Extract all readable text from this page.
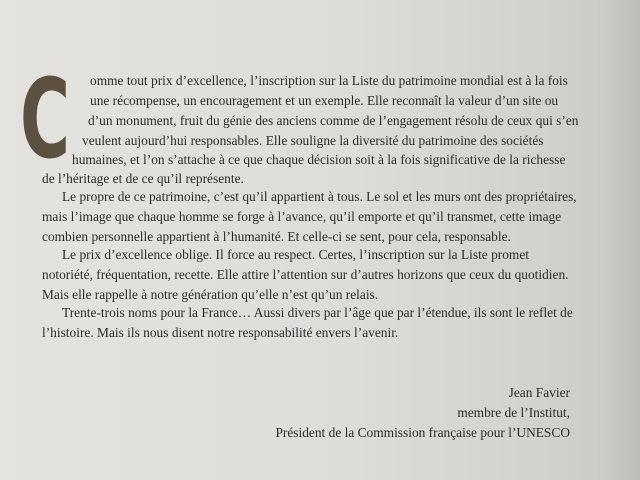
C omme tout prix d’excellence, l’inscription sur la Liste du patrimoine mondial est à la fois
une récompense, un encouragement et un exemple. Elle reconnaît la valeur d’un site ou
d’un monument, fruit du génie des anciens comme de l’engagement résolu de ceux qui s’en
veulent aujourd’hui responsables. Elle souligne la diversité du patrimoine des sociétés
humaines, et l’on s’attache à ce que chaque décision soit à la fois significative de la richesse
de l’héritage et de ce qu’il représente.
Le propre de ce patrimoine, c’est qu’il appartient à tous. Le sol et les murs ont des propriétaires,
mais l’image que chaque homme se forge à l’avance, qu’il emporte et qu’il transmet, cette image
combien personnelle appartient à l’humanité. Et celle-ci se sent, pour cela, responsable.
Le prix d’excellence oblige. Il force au respect. Certes, l’inscription sur la Liste promet
notoriété, fréquentation, recette. Elle attire l’attention sur d’autres horizons que ceux du quotidien.
Mais elle rappelle à notre génération qu’elle n’est qu’un relais.
Trente-trois noms pour la France… Aussi divers par l’âge que par l’étendue, ils sont le reflet de
l’histoire. Mais ils nous disent notre responsabilité envers l’avenir.
Jean Favier
membre de l’Institut,
Président de la Commission française pour l’UNESCO
